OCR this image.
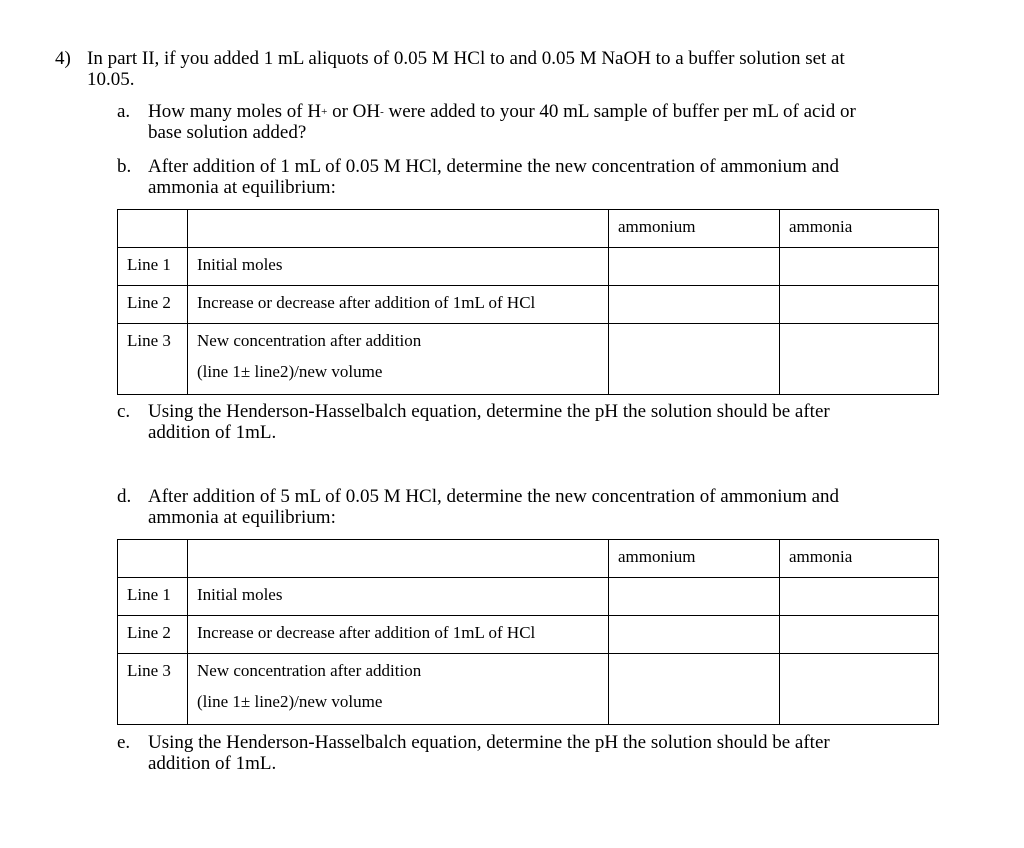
4) In part II, if you added 1 mL aliquots of 0.05 M HCl to and 0.05 M NaOH to a buffer solution set at
10.05.
a. How many moles of H+ or OH- were added to your 40 mL sample of buffer per mL of acid or
base solution added?
b. After addition of 1 mL of 0.05 M HCl, determine the new concentration of ammonium and
ammonia at equilibrium:
		ammonium	ammonia
Line 1	Initial moles		
Line 2	Increase or decrease after addition of 1mL of HCl		
Line 3	New concentration after addition
(line 1± line2)/new volume		

c. Using the Henderson-Hasselbalch equation, determine the pH the solution should be after
addition of 1mL.
d. After addition of 5 mL of 0.05 M HCl, determine the new concentration of ammonium and
ammonia at equilibrium:
		ammonium	ammonia
Line 1	Initial moles		
Line 2	Increase or decrease after addition of 1mL of HCl		
Line 3	New concentration after addition
(line 1± line2)/new volume		

e. Using the Henderson-Hasselbalch equation, determine the pH the solution should be after
addition of 1mL.
